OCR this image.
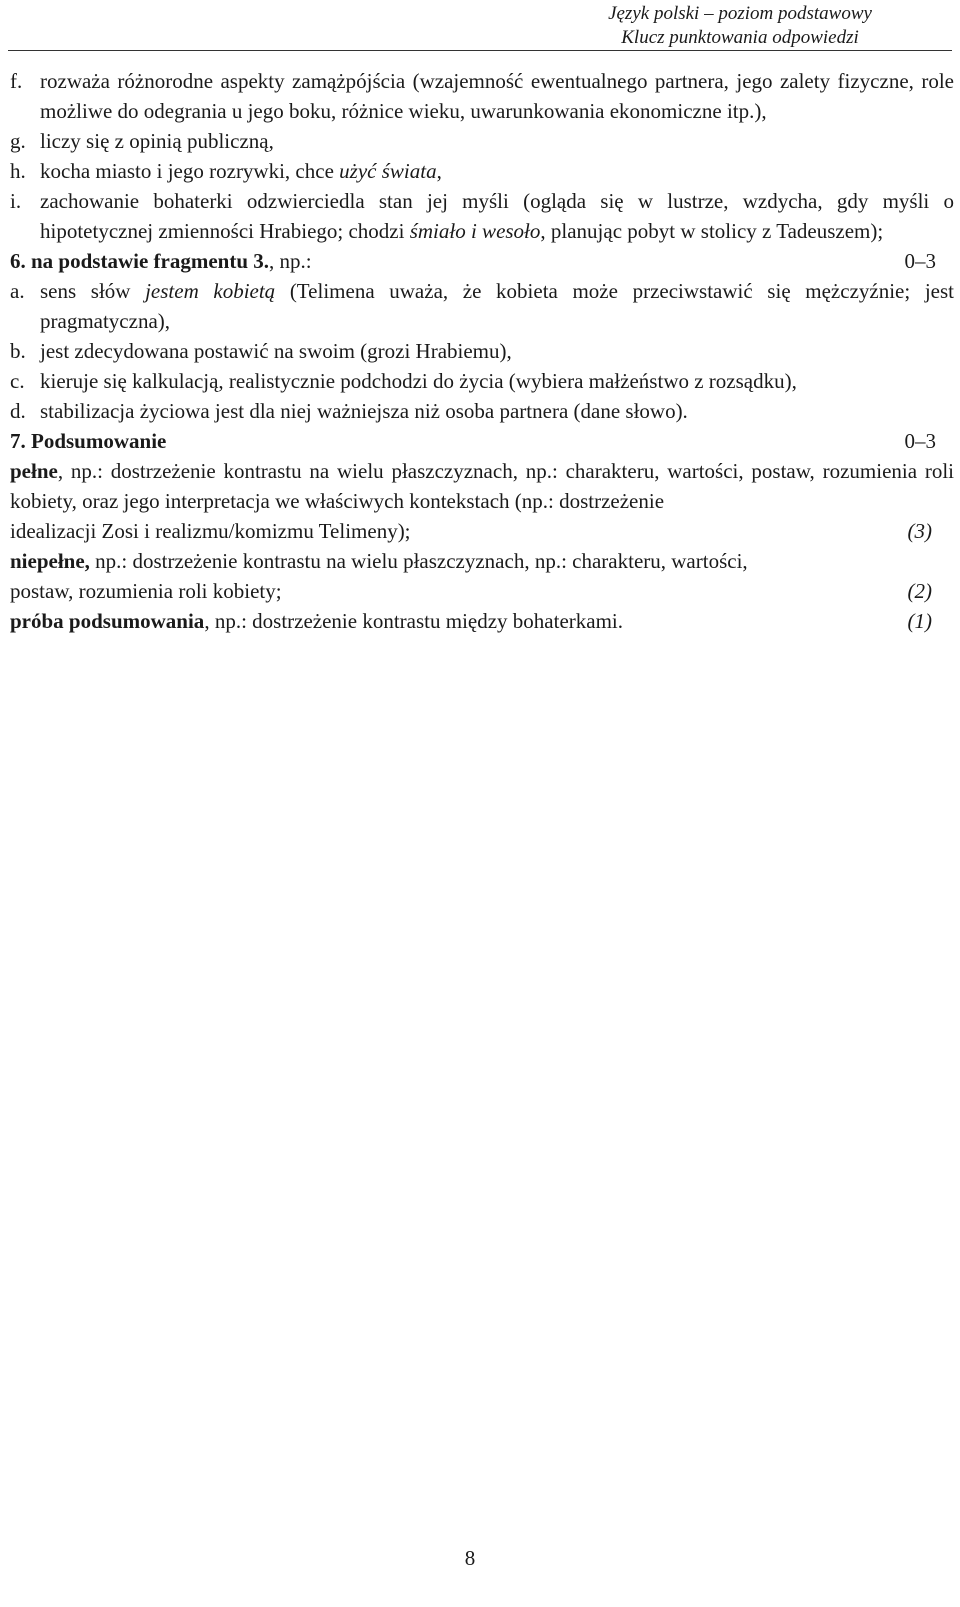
Język polski – poziom podstawowy
Klucz punktowania odpowiedzi
f. rozważa różnorodne aspekty zamążpójścia (wzajemność ewentualnego partnera, jego zalety fizyczne, role możliwe do odegrania u jego boku, różnice wieku, uwarunkowania ekonomiczne itp.),
g. liczy się z opinią publiczną,
h. kocha miasto i jego rozrywki, chce użyć świata,
i. zachowanie bohaterki odzwierciedla stan jej myśli (ogląda się w lustrze, wzdycha, gdy myśli o hipotetycznej zmienności Hrabiego; chodzi śmiało i wesoło, planując pobyt w stolicy z Tadeuszem);
6. na podstawie fragmentu 3., np.:	0–3
a. sens słów jestem kobietą (Telimena uważa, że kobieta może przeciwstawić się mężczyźnie; jest pragmatyczna),
b. jest zdecydowana postawić na swoim (grozi Hrabiemu),
c. kieruje się kalkulacją, realistycznie podchodzi do życia (wybiera małżeństwo z rozsądku),
d. stabilizacja życiowa jest dla niej ważniejsza niż osoba partnera (dane słowo).
7. Podsumowanie	0–3
pełne, np.: dostrzeżenie kontrastu na wielu płaszczyznach, np.: charakteru, wartości, postaw, rozumienia roli kobiety, oraz jego interpretacja we właściwych kontekstach (np.: dostrzeżenie
idealizacji Zosi i realizmu/komizmu Telimeny);	(3)
niepełne, np.: dostrzeżenie kontrastu na wielu płaszczyznach, np.: charakteru, wartości,
postaw, rozumienia roli kobiety;	(2)
próba podsumowania, np.: dostrzeżenie kontrastu między bohaterkami.	(1)
8
